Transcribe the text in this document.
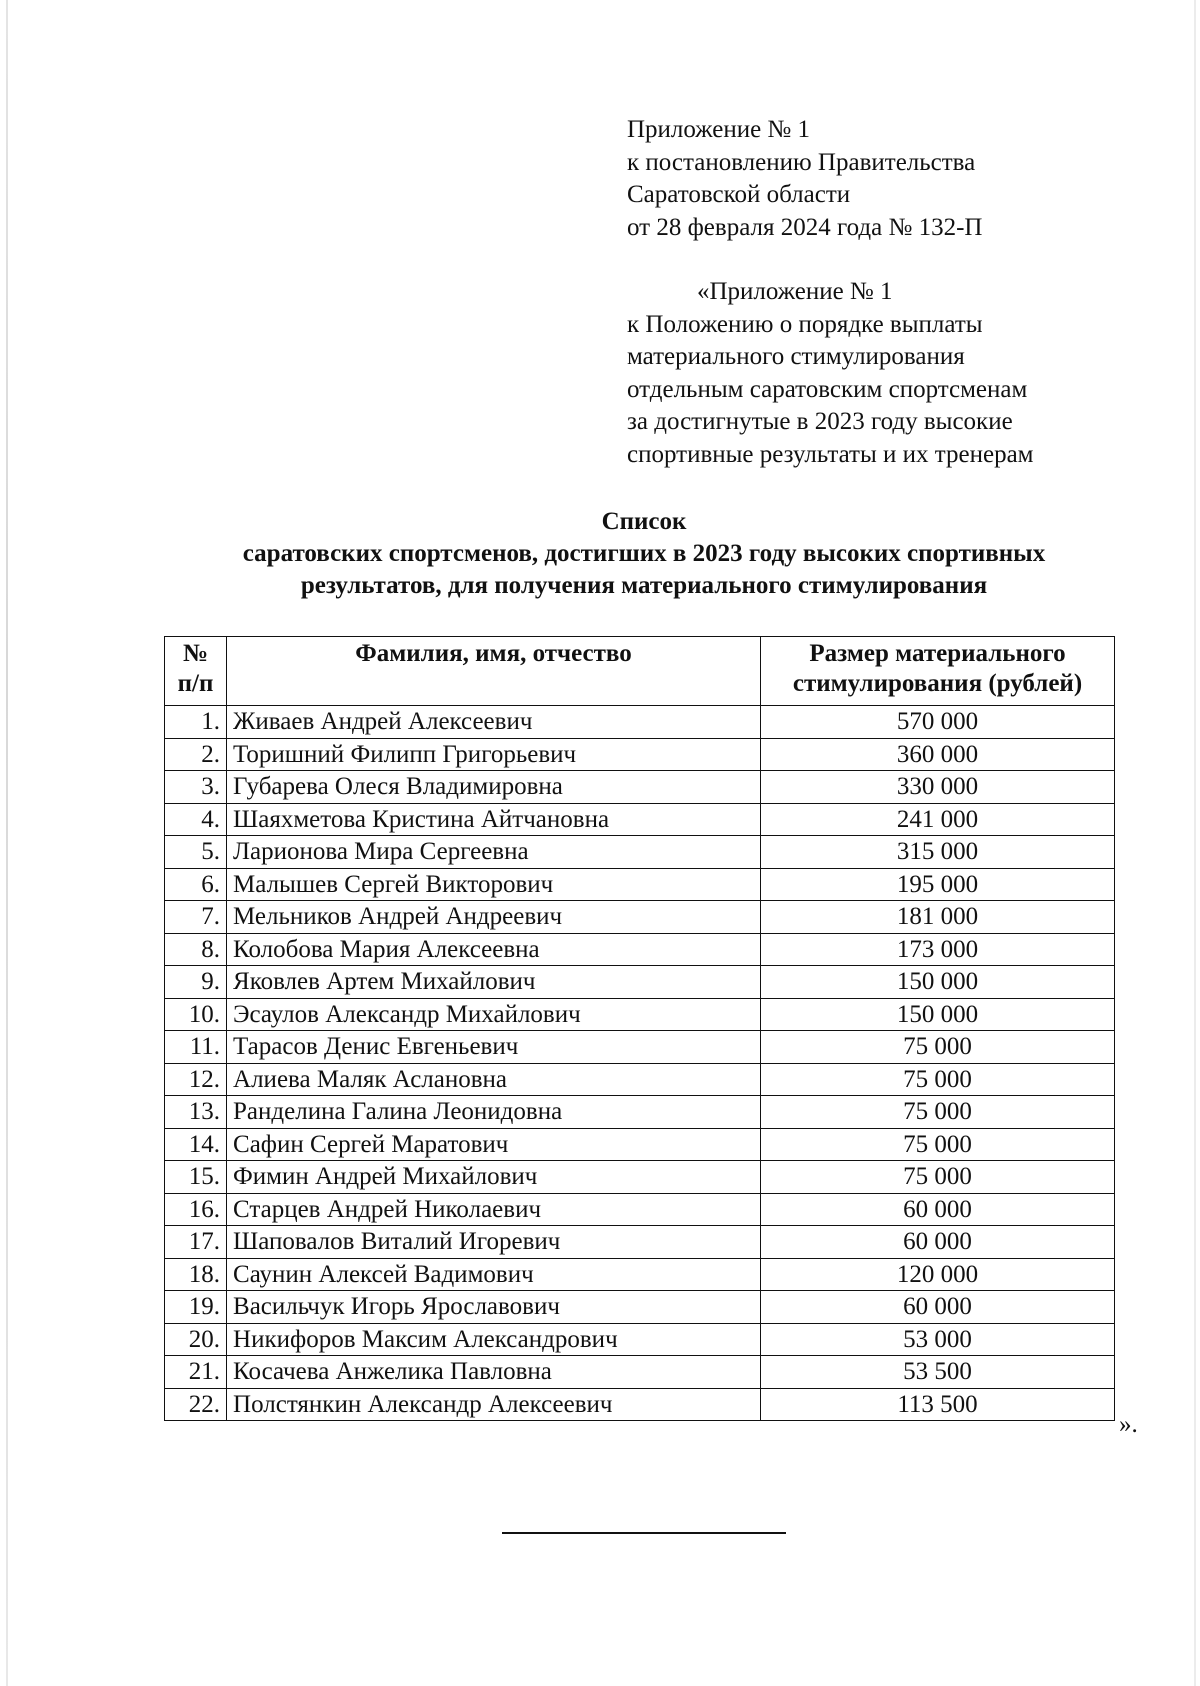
Приложение № 1
к постановлению Правительства
Саратовской области
от 28 февраля 2024 года № 132-П
«Приложение № 1
к Положению о порядке выплаты
материального стимулирования
отдельным саратовским спортсменам
за достигнутые в 2023 году высокие
спортивные результаты и их тренерам
Список
саратовских спортсменов, достигших в 2023 году высоких спортивных
результатов, для получения материального стимулирования
№
п/п	Фамилия, имя, отчество	Размер материального
стимулирования (рублей)
1.	Живаев Андрей Алексеевич	570 000
2.	Торишний Филипп Григорьевич	360 000
3.	Губарева Олеся Владимировна	330 000
4.	Шаяхметова Кристина Айтчановна	241 000
5.	Ларионова Мира Сергеевна	315 000
6.	Малышев Сергей Викторович	195 000
7.	Мельников Андрей Андреевич	181 000
8.	Колобова Мария Алексеевна	173 000
9.	Яковлев Артем Михайлович	150 000
10.	Эсаулов Александр Михайлович	150 000
11.	Тарасов Денис Евгеньевич	75 000
12.	Алиева Маляк Аслановна	75 000
13.	Ранделина Галина Леонидовна	75 000
14.	Сафин Сергей Маратович	75 000
15.	Фимин Андрей Михайлович	75 000
16.	Старцев Андрей Николаевич	60 000
17.	Шаповалов Виталий Игоревич	60 000
18.	Саунин Алексей Вадимович	120 000
19.	Васильчук Игорь Ярославович	60 000
20.	Никифоров Максим Александрович	53 000
21.	Косачева Анжелика Павловна	53 500
22.	Полстянкин Александр Алексеевич	113 500
».
